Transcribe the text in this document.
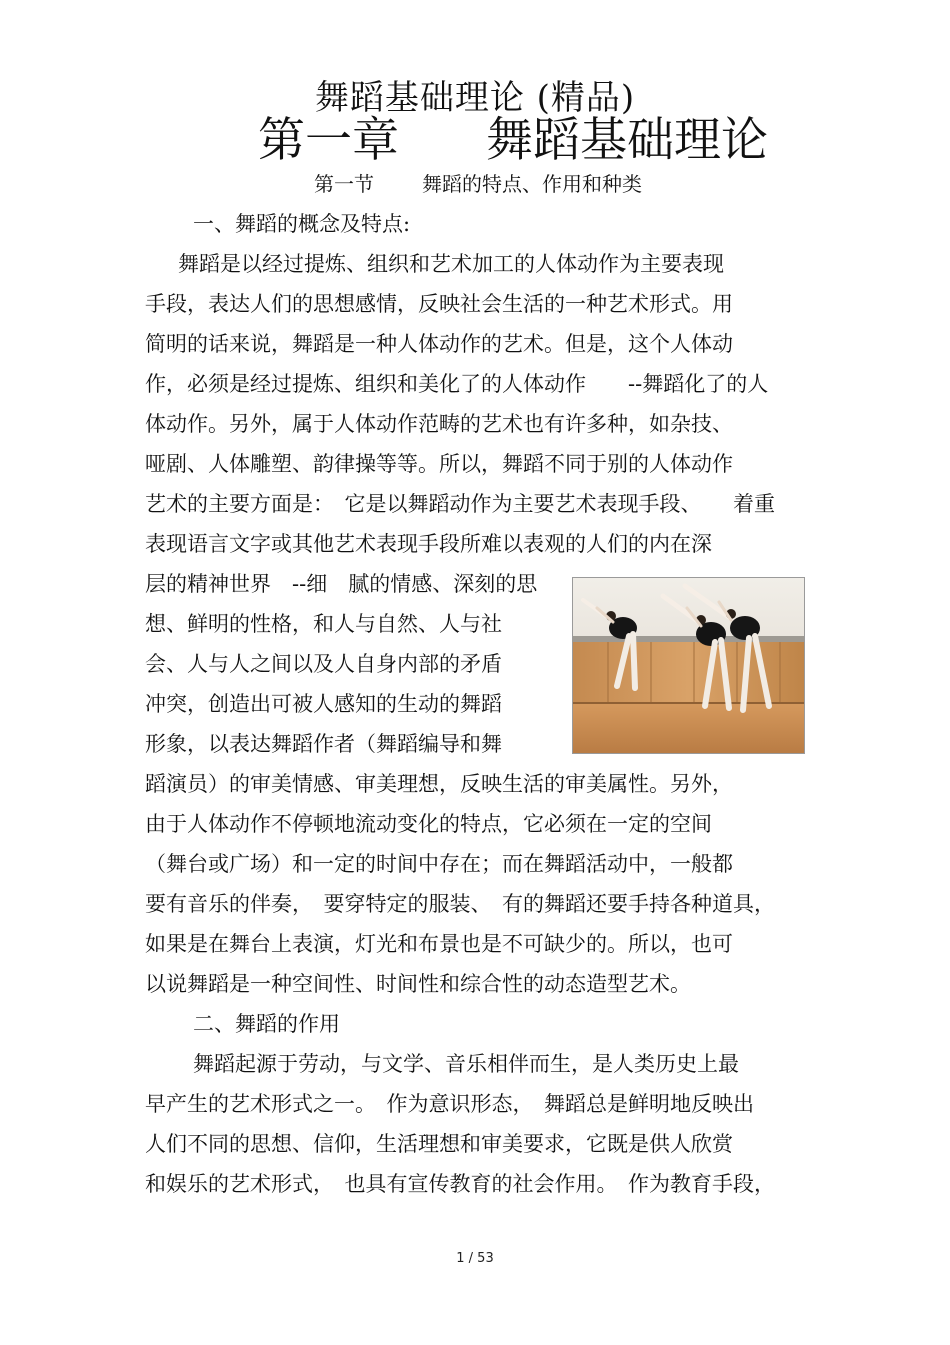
舞蹈基础理论 (精品)
第一章 舞蹈基础理论
第一节 舞蹈的特点、作用和种类
一、舞蹈的概念及特点:
舞蹈是以经过提炼、组织和艺术加工的人体动作为主要表现
手段，表达人们的思想感情，反映社会生活的一种艺术形式。用
简明的话来说，舞蹈是一种人体动作的艺术。但是，这个人体动
作，必须是经过提炼、组织和美化了的人体动作　　--舞蹈化了的人
体动作。另外，属于人体动作范畴的艺术也有许多种，如杂技、
哑剧、人体雕塑、韵律操等等。所以，舞蹈不同于别的人体动作
艺术的主要方面是：　它是以舞蹈动作为主要艺术表现手段、　　着重
表现语言文字或其他艺术表现手段所难以表观的人们的内在深
层的精神世界　--细　腻的情感、深刻的思
想、鲜明的性格，和人与自然、人与社
会、人与人之间以及人自身内部的矛盾
冲突，创造出可被人感知的生动的舞蹈
形象，以表达舞蹈作者（舞蹈编导和舞
蹈演员）的审美情感、审美理想，反映生活的审美属性。另外，
由于人体动作不停顿地流动变化的特点，它必须在一定的空间
（舞台或广场）和一定的时间中存在；而在舞蹈活动中，一般都
要有音乐的伴奏，　要穿特定的服装、　有的舞蹈还要手持各种道具，
如果是在舞台上表演，灯光和布景也是不可缺少的。所以，也可
以说舞蹈是一种空间性、时间性和综合性的动态造型艺术。
二、舞蹈的作用
舞蹈起源于劳动，与文学、音乐相伴而生，是人类历史上最
早产生的艺术形式之一。　作为意识形态，　舞蹈总是鲜明地反映出
人们不同的思想、信仰，生活理想和审美要求，它既是供人欣赏
和娱乐的艺术形式，　也具有宣传教育的社会作用。　作为教育手段，
1 / 53
